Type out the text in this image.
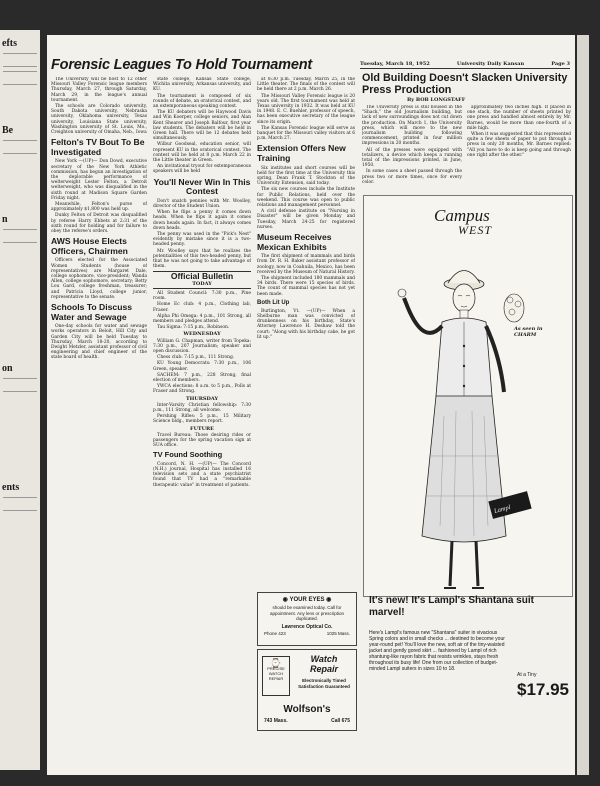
efts
Be
n
on
ents
Forensic Leagues To Hold Tournament	Tuesday, March 18, 1952	University Daily Kansan	Page 3
Old Building Doesn't Slacken University Press Production
By BOB LONGSTAFF

The University will be host to 12 other Missouri Valley Forensic league members Thursday, March 27, through Saturday, March 29, in the league's annual tournament.

The schools are Colorado university, South Dakota university, Nebraska university, Oklahoma university, Texas university, Louisiana State university, Washington university of St. Louis, Mo., Creighton university of Omaha, Neb., Iowa

Felton's TV Bout To Be Investigated

New York —(UP)— Don Dowd, executive secretary of the New York Athletic commission, has begun an investigation of the deplorable performance of welterweight Lester Felton, a Detroit welterweight, who was disqualified in the sixth round at Madison Square Garden Friday night.

Meanwhile, Felton's purse of approximately $1,800 was held up.

Dunky Felton of Detroit was disqualified by referee Harry Ebbets at 2:31 of the sixth round for holding and for failure to obey the referee's orders.

AWS House Elects Officers, Chairmen

Officers elected for the Associated Women Students (house of representatives) are Margaret Dale, college sophomore, vice-president; Wanda Allen, college sophomore, secretary; Betty Lou Gard, college freshman, treasurer; and Patricia Lloyd, college junior, representative to the senate.

Schools To Discuss Water and Sewage

One-day schools for water and sewage works operators in Beloit, Hill City and Garden City will be held Tuesday to Thursday, March 18-20, according to Dwight Metzler, assistant professor of civil engineering and chief engineer of the state board of health.

state college, Kansas State college, Wichita university, Arkansas university, and KU.

The tournament is composed of six rounds of debate, an oratorical contest, and an extemporaneous speaking contest.

The KU debaters will be Haywood Davis and Win Koerper, college seniors, and Alan Kent Shearer and Joseph Balfour, first year law students. The debaters will be held in Green hall. There will be 12 debates held simultaneously.

Wilbur Goodseal, education senior, will represent KU in the oratorical contest. The contest will be held at 8 p.m. March 22 in the Little theater in Green.

An invitational tryout for extemporaneous speakers will be held

You'll Never Win In This Contest

Don't snatch pennies with Mr. Woolley, director of the Student Union.

When he flips a penny it comes down heads. When he flips it again it comes down heads again. In fact, it always comes down heads.

The penny was used in the "Pick's Nest" evidently by mistake since it is a two-headed penny.

Mr. Woolley says that he realizes the potentialities of this two-headed penny, but that he was not going to take advantage of them.

Official Bulletin
TODAY

All Student Council: 7:30 p.m., Pine room.

Home Ec club: 4 p.m., Clothing lab, Fraser.

Alpha Phi Omega: 4 p.m., 101 Strong, all members and pledges attend.

Tau Sigma: 7:15 p.m., Robinson.

WEDNESDAY

William G. Chapman, writer from Topeka: 7:30 p.m., 207 Journalism; speaker and open discussion.

Chess club: 7:15 p.m., 111 Strong.

KU Young Democrats: 7:30 p.m., 106 Green, speaker.

SACHEM: 7 p.m., 228 Strong, final election of members.

YWCA elections: 8 a.m. to 5 p.m., Polls at Fraser and Strong.

THURSDAY

Inter-Varsity Christian fellowship: 7:30 p.m., 111 Strong, all welcome.

Pershing Rifles: 5 p.m., 15 Military Science bldg., members report.

FUTURE

Travel Bureau: Those desiring rides or passengers for the spring vacation sign at SUA office.

TV Found Soothing

Concord, N. H. —(UP)— The Concord (N.H.) journal, Hospital has installed 16 television sets and a state psychiatrist found that TV had a "remarkable therapeutic value" in treatment of patients.

at 8:30 p.m. Tuesday, March 25, in the Little theater. The finals of the contest will be held there at 2 p.m. March 26.

The Missouri Valley Forensic league is 20 years old. The first tournament was held at Texas university in 1932. It was held at KU in 1948. E. C. Buehler, professor of speech, has been executive secretary of the league since its origin.

The Kansas Forensic league will serve as banquet for the Missouri valley visitors at 6 p.m. March 27.

Extension Offers New Training

Six institutes and short courses will be held for the first time at the University this spring, Dean Frank T. Stockton of the University Extension, said today.

The six new courses include the Institute for Public Relations, held over the weekend. This course was open to public relations and management personnel.

A civil defense institute on "Nursing in Disaster" will be given Monday and Tuesday, March 24-25 for registered nurses.

Museum Receives Mexican Exhibits

The first shipment of mammals and birds from Dr. R. H. Baker assistant professor of zoology, now in Coahuila, Mexico, has been received by the Museum of Natural History.

The shipment included 180 mammals and 34 birds. There were 15 species of birds. The count of mammal species has not yet been made.

Both Lit Up

Burlington, Vt. —(UP)— When a Shelburne man was convicted of drunkenness on his birthday, State's Attorney Lawrence H. Deshaw told the court: "Along with his birthday cake, he got lit up."

◉ YOUR EYES ◉
should be examined today. Call for appointment. Any lens or prescription duplicated.
Lawrence Optical Co.
Phone 423	1025 Mass.
⌚
PRECISE WATCH REPAIR
Watch Repair
Electronically Timed Satisfaction Guaranteed
Wolfson's
743 Mass.	Call 675

The University press is still housed in the "Shack," the old Journalism building, but lack of new surroundings does not cut down the production. On March 1, the University press, which will move to the new journalism building following commencement, printed in four million impressions in 20 months.

All of the presses were equipped with totalizers, a device which keeps a running total of the impressions printed, in June, 1950.

In some cases a sheet passed through the press two or more times, once for every color.

approximately two inches high. If placed in one stack, the number of sheets printed by one press and handled almost entirely by Mr. Barnes, would be more than one-fourth of a mile high.

When it was suggested that this represented quite a few sheets of paper to put through a press in only 20 months, Mr. Barnes replied: "All you have to do is keep going and through one right after the other."

Campus
WEST
As seen in
CHARM
Lampl
It's new! It's Lampl's Shantana suit marvel!
Here's Lampl's famous new "Shantana" suiter in vivacious Spring colors and in small checks ... destined to become your year-round pet! You'll love the new, soft air of the tiny-waisted jacket and gently gored skirt ... fashioned by Lampl of rich shantung-like rayon fabric that resists wrinkles, stays fresh throughout its busy life! One from our collection of budget-minded Lampl suiters in sizes 10 to 18.
At a Tiny
$17.95
